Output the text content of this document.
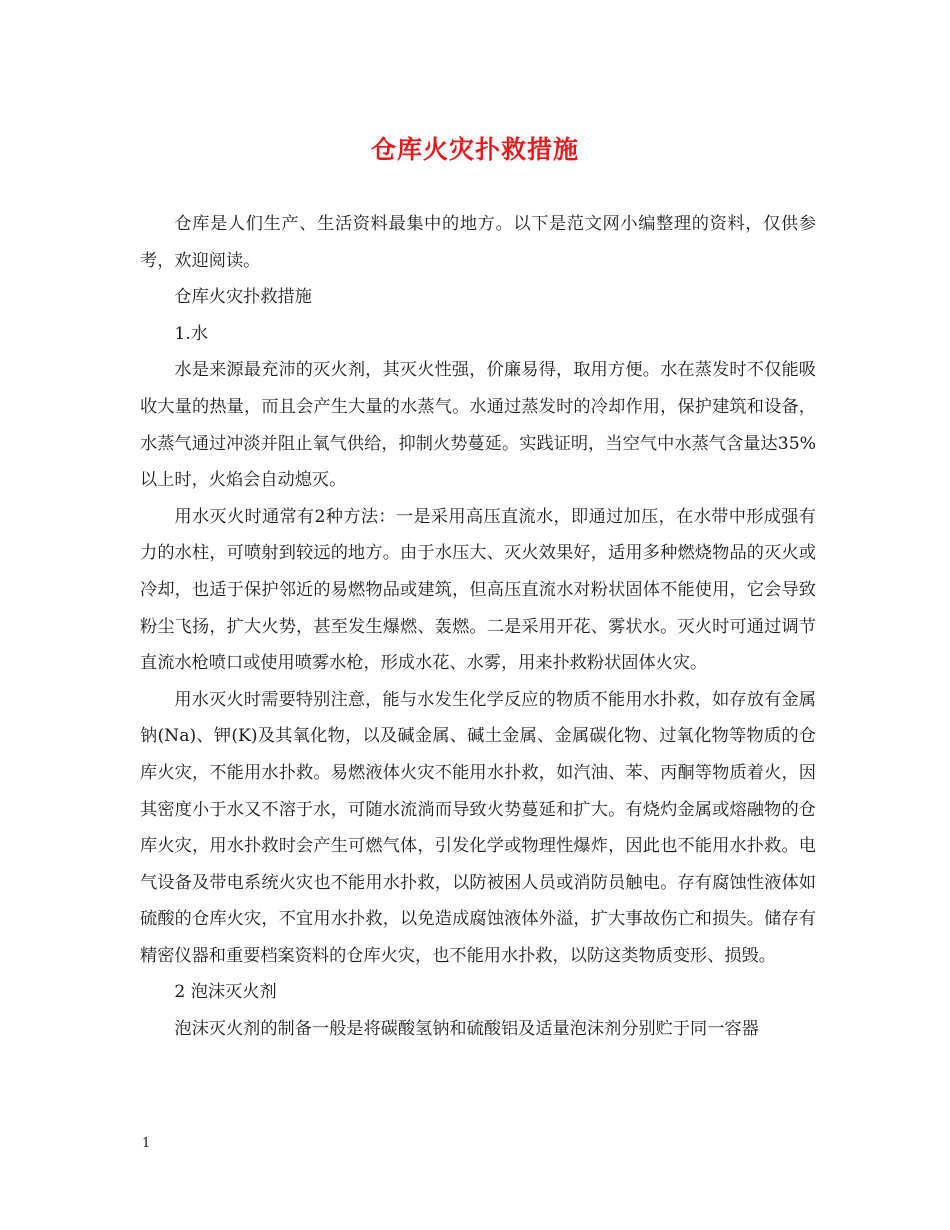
仓库火灾扑救措施

仓库是人们生产、生活资料最集中的地方。以下是范文网小编整理的资料，仅供参考，欢迎阅读。

仓库火灾扑救措施

1.水

水是来源最充沛的灭火剂，其灭火性强，价廉易得，取用方便。水在蒸发时不仅能吸收大量的热量，而且会产生大量的水蒸气。水通过蒸发时的冷却作用，保护建筑和设备，水蒸气通过冲淡并阻止氧气供给，抑制火势蔓延。实践证明，当空气中水蒸气含量达35%以上时，火焰会自动熄灭。

用水灭火时通常有2种方法：一是采用高压直流水，即通过加压，在水带中形成强有力的水柱，可喷射到较远的地方。由于水压大、灭火效果好，适用多种燃烧物品的灭火或冷却，也适于保护邻近的易燃物品或建筑，但高压直流水对粉状固体不能使用，它会导致粉尘飞扬，扩大火势，甚至发生爆燃、轰燃。二是采用开花、雾状水。灭火时可通过调节直流水枪喷口或使用喷雾水枪，形成水花、水雾，用来扑救粉状固体火灾。

用水灭火时需要特别注意，能与水发生化学反应的物质不能用水扑救，如存放有金属钠(Na)、钾(K)及其氧化物，以及碱金属、碱土金属、金属碳化物、过氧化物等物质的仓库火灾，不能用水扑救。易燃液体火灾不能用水扑救，如汽油、苯、丙酮等物质着火，因其密度小于水又不溶于水，可随水流淌而导致火势蔓延和扩大。有烧灼金属或熔融物的仓库火灾，用水扑救时会产生可燃气体，引发化学或物理性爆炸，因此也不能用水扑救。电气设备及带电系统火灾也不能用水扑救，以防被困人员或消防员触电。存有腐蚀性液体如硫酸的仓库火灾，不宜用水扑救，以免造成腐蚀液体外溢，扩大事故伤亡和损失。储存有精密仪器和重要档案资料的仓库火灾，也不能用水扑救，以防这类物质变形、损毁。

2 泡沫灭火剂

泡沫灭火剂的制备一般是将碳酸氢钠和硫酸铝及适量泡沫剂分别贮于同一容器

1
